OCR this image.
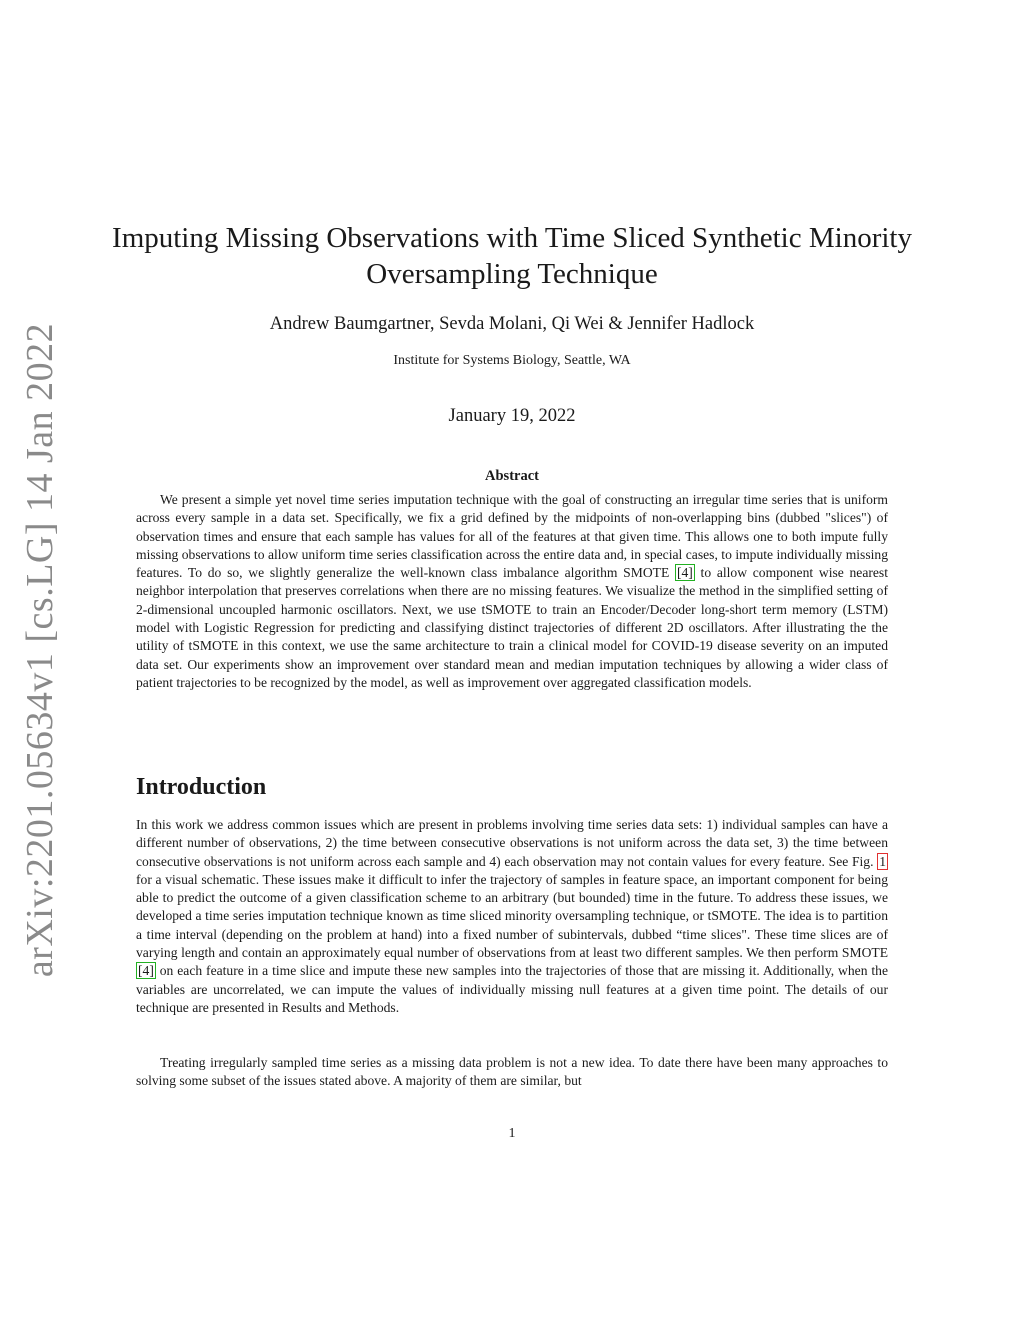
arXiv:2201.05634v1 [cs.LG] 14 Jan 2022
Imputing Missing Observations with Time Sliced Synthetic Minority Oversampling Technique
Andrew Baumgartner, Sevda Molani, Qi Wei & Jennifer Hadlock
Institute for Systems Biology, Seattle, WA
January 19, 2022
Abstract

We present a simple yet novel time series imputation technique with the goal of constructing an irregular time series that is uniform across every sample in a data set. Specifically, we fix a grid defined by the midpoints of non-overlapping bins (dubbed "slices") of observation times and ensure that each sample has values for all of the features at that given time. This allows one to both impute fully missing observations to allow uniform time series classification across the entire data and, in special cases, to impute individually missing features. To do so, we slightly generalize the well-known class imbalance algorithm SMOTE [4] to allow component wise nearest neighbor interpolation that preserves correlations when there are no missing features. We visualize the method in the simplified setting of 2-dimensional uncoupled harmonic oscillators. Next, we use tSMOTE to train an Encoder/Decoder long-short term memory (LSTM) model with Logistic Regression for predicting and classifying distinct trajectories of different 2D oscillators. After illustrating the the utility of tSMOTE in this context, we use the same architecture to train a clinical model for COVID-19 disease severity on an imputed data set. Our experiments show an improvement over standard mean and median imputation techniques by allowing a wider class of patient trajectories to be recognized by the model, as well as improvement over aggregated classification models.

Introduction

In this work we address common issues which are present in problems involving time series data sets: 1) individual samples can have a different number of observations, 2) the time between consecutive observations is not uniform across the data set, 3) the time between consecutive observations is not uniform across each sample and 4) each observation may not contain values for every feature. See Fig. 1 for a visual schematic. These issues make it difficult to infer the trajectory of samples in feature space, an important component for being able to predict the outcome of a given classification scheme to an arbitrary (but bounded) time in the future. To address these issues, we developed a time series imputation technique known as time sliced minority oversampling technique, or tSMOTE. The idea is to partition a time interval (depending on the problem at hand) into a fixed number of subintervals, dubbed “time slices". These time slices are of varying length and contain an approximately equal number of observations from at least two different samples. We then perform SMOTE [4] on each feature in a time slice and impute these new samples into the trajectories of those that are missing it. Additionally, when the variables are uncorrelated, we can impute the values of individually missing null features at a given time point. The details of our technique are presented in Results and Methods.

Treating irregularly sampled time series as a missing data problem is not a new idea. To date there have been many approaches to solving some subset of the issues stated above. A majority of them are similar, but

1
